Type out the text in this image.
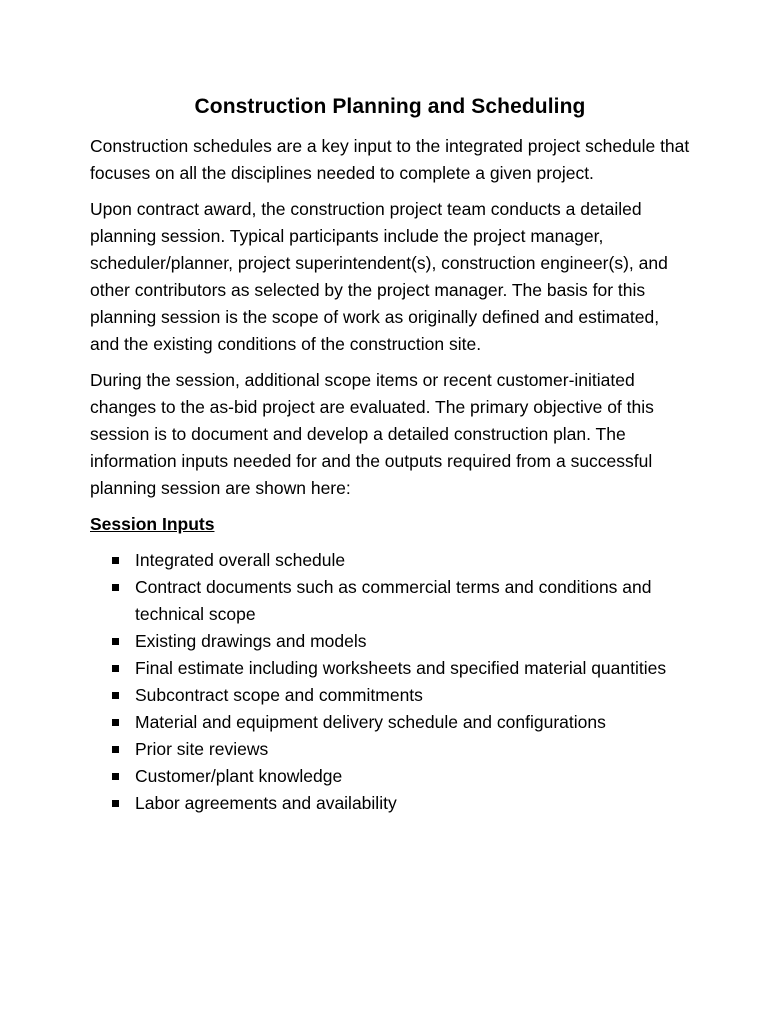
Construction Planning and Scheduling

Construction schedules are a key input to the integrated project schedule that focuses on all the disciplines needed to complete a given project.

Upon contract award, the construction project team conducts a detailed planning session. Typical participants include the project manager, scheduler/planner, project superintendent(s), construction engineer(s), and other contributors as selected by the project manager. The basis for this planning session is the scope of work as originally defined and estimated, and the existing conditions of the construction site.

During the session, additional scope items or recent customer-initiated changes to the as-bid project are evaluated. The primary objective of this session is to document and develop a detailed construction plan. The information inputs needed for and the outputs required from a successful planning session are shown here:

Session Inputs
Integrated overall schedule
Contract documents such as commercial terms and conditions and technical scope
Existing drawings and models
Final estimate including worksheets and specified material quantities
Subcontract scope and commitments
Material and equipment delivery schedule and configurations
Prior site reviews
Customer/plant knowledge
Labor agreements and availability
